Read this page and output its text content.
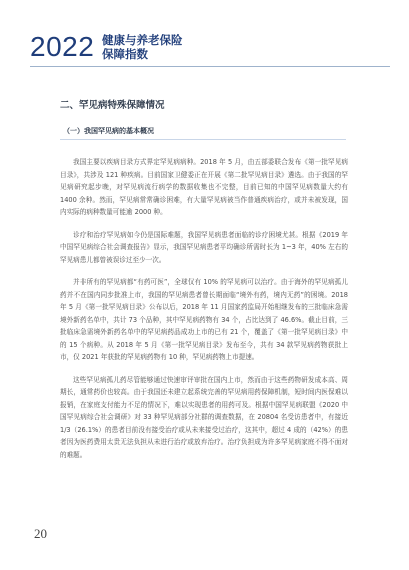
2022 健康与养老保险
保障指数
二、罕见病特殊保障情况
（一）我国罕见病的基本概况

我国主要以疾病目录方式界定罕见病病种。2018 年 5 月，由五部委联合发布《第一批罕见病目录》，共涉及 121 种疾病。目前国家卫健委正在开展《第二批罕见病目录》遴选。由于我国的罕见病研究起步晚，对罕见病流行病学的数据收集也不完整，目前已知的中国罕见病数量大约有 1400 余种。然而，罕见病常常确诊困难，有大量罕见病被当作普通疾病治疗，或并未被发现，国内实际的病种数量可能逾 2000 种。

诊疗和治疗罕见病如今仍是国际难题，我国罕见病患者面临的诊疗困境尤甚。根据《2019 年中国罕见病综合社会调查报告》显示，我国罕见病患者平均确诊所需时长为 1~3 年，40% 左右的罕见病患儿都曾被误诊过至少一次。

并非所有的罕见病都“有药可医”，全球仅有 10% 的罕见病可以治疗。由于海外的罕见病孤儿药并不在国内同步批准上市，我国的罕见病患者曾长期面临“境外有药，境内无药”的困境。2018 年 5 月《第一批罕见病目录》公布以后，2018 年 11 月国家药监局开始相继发布的三批临床急需境外新药名单中，共计 73 个品种，其中罕见病药物有 34 个，占比达到了 46.6%。截止目前，三批临床急需境外新药名单中的罕见病药品成功上市的已有 21 个，覆盖了《第一批罕见病目录》中的 15 个病种。从 2018 年 5 月《第一批罕见病目录》发布至今，共有 34 款罕见病药物获批上市，仅 2021 年获批的罕见病药物有 10 种，罕见病药物上市提速。

这些罕见病孤儿药尽管能够通过快速审评审批在国内上市，然而由于这些药物研发成本高、周期长，通常药价也较高。由于我国还未建立起系统完善的罕见病用药保障机制，短时间内医保难以报销，在家庭支付能力不足的情况下，难以实现患者的用药可及。根据中国罕见病联盟《2020 中国罕见病综合社会调研》对 33 种罕见病部分社群的调查数据，在 20804 名受访患者中，有接近 1/3（26.1%）的患者目前没有接受治疗或从未来接受过治疗，这其中，超过 4 成的（42%）的患者因为医药费用太贵无法负担从未进行治疗或放弃治疗。治疗负担成为许多罕见病家庭不得不面对的难题。

20
